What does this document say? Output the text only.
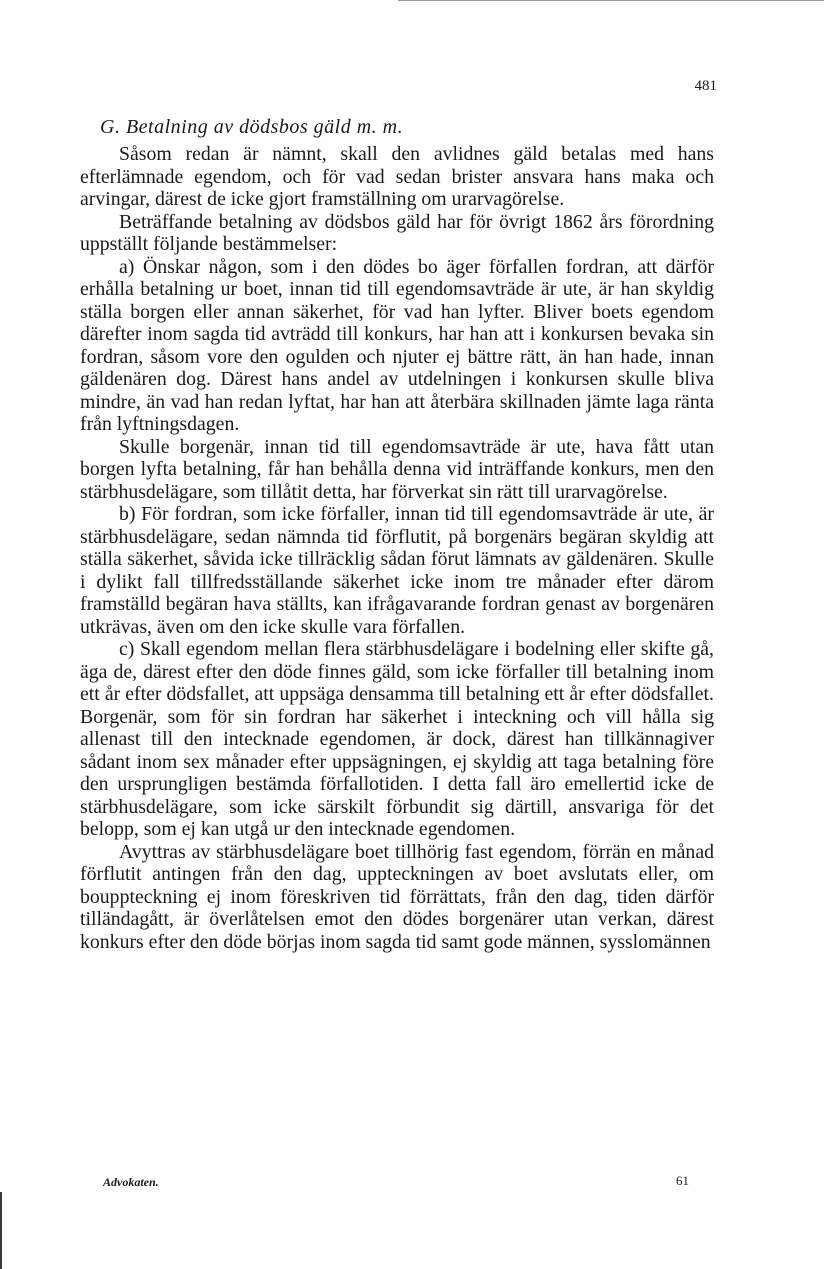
481
G. Betalning av dödsbos gäld m. m.

Såsom redan är nämnt, skall den avlidnes gäld betalas med hans efterlämnade egendom, och för vad sedan brister ansvara hans maka och arvingar, därest de icke gjort framställning om urarvagörelse.

Beträffande betalning av dödsbos gäld har för övrigt 1862 års förordning uppställt följande bestämmelser:

a) Önskar någon, som i den dödes bo äger förfallen fordran, att därför erhålla betalning ur boet, innan tid till egendomsavträde är ute, är han skyldig ställa borgen eller annan säkerhet, för vad han lyfter. Bliver boets egendom därefter inom sagda tid avträdd till konkurs, har han att i konkursen bevaka sin fordran, såsom vore den ogulden och njuter ej bättre rätt, än han hade, innan gäldenären dog. Därest hans andel av utdelningen i konkursen skulle bliva mindre, än vad han redan lyftat, har han att återbära skillnaden jämte laga ränta från lyftningsdagen.

Skulle borgenär, innan tid till egendomsavträde är ute, hava fått utan borgen lyfta betalning, får han behålla denna vid inträffande konkurs, men den stärbhusdelägare, som tillåtit detta, har förverkat sin rätt till urarvagörelse.

b) För fordran, som icke förfaller, innan tid till egendomsavträde är ute, är stärbhusdelägare, sedan nämnda tid förflutit, på borgenärs begäran skyldig att ställa säkerhet, såvida icke tillräcklig sådan förut lämnats av gäldenären. Skulle i dylikt fall tillfredsställande säkerhet icke inom tre månader efter därom framställd begäran hava ställts, kan ifrågavarande fordran genast av borgenären utkrävas, även om den icke skulle vara förfallen.

c) Skall egendom mellan flera stärbhusdelägare i bodelning eller skifte gå, äga de, därest efter den döde finnes gäld, som icke förfaller till betalning inom ett år efter dödsfallet, att uppsäga densamma till betalning ett år efter dödsfallet. Borgenär, som för sin fordran har säkerhet i inteckning och vill hålla sig allenast till den intecknade egendomen, är dock, därest han tillkännagiver sådant inom sex månader efter uppsägningen, ej skyldig att taga betalning före den ursprungligen bestämda förfallotiden. I detta fall äro emellertid icke de stärbhusdelägare, som icke särskilt förbundit sig därtill, ansvariga för det belopp, som ej kan utgå ur den intecknade egendomen.

Avyttras av stärbhusdelägare boet tillhörig fast egendom, förrän en månad förflutit antingen från den dag, uppteckningen av boet avslutats eller, om bouppteckning ej inom föreskriven tid förrättats, från den dag, tiden därför tilländagått, är överlåtelsen emot den dödes borgenärer utan verkan, därest konkurs efter den döde börjas inom sagda tid samt gode männen, sysslomännen

Advokaten.	61
